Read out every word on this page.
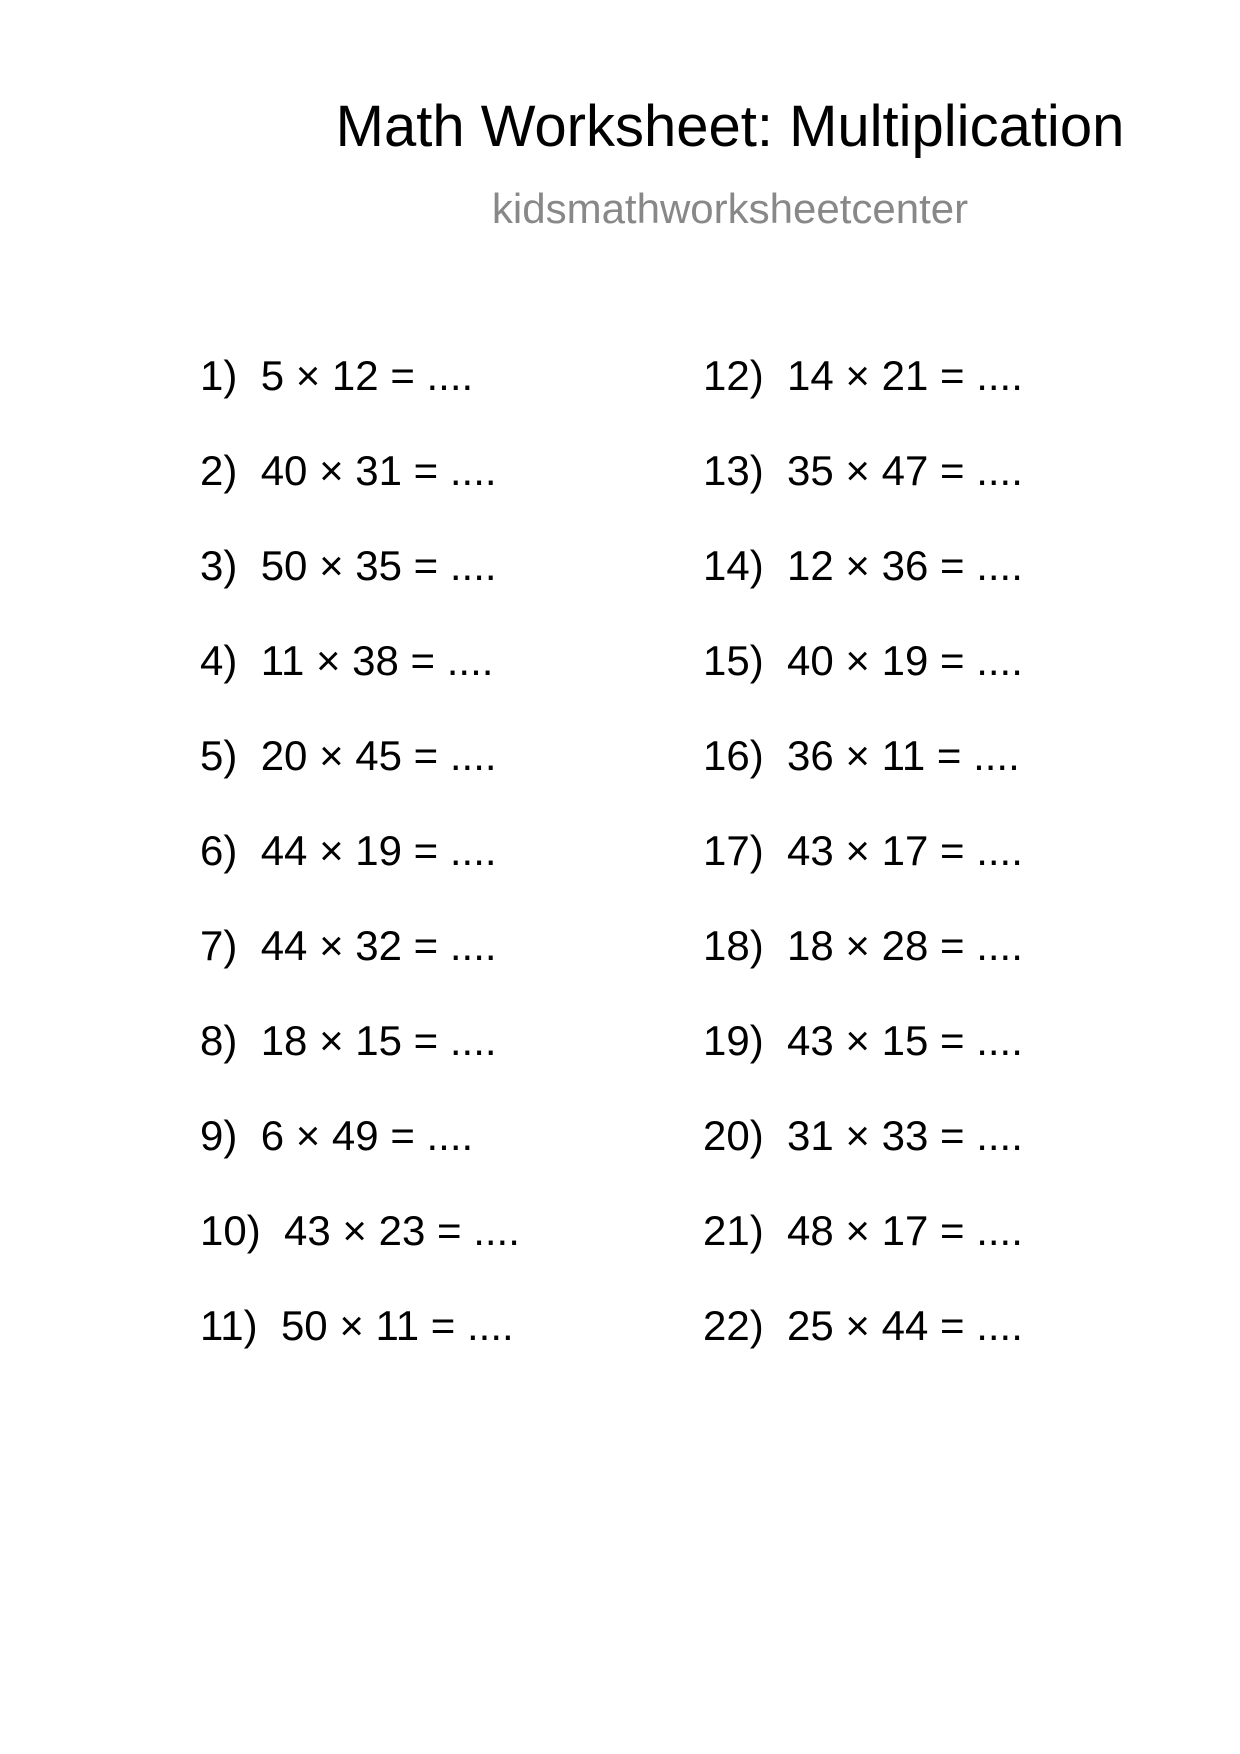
Math Worksheet: Multiplication
kidsmathworksheetcenter
1) 5 × 12 = ....
2) 40 × 31 = ....
3) 50 × 35 = ....
4) 11 × 38 = ....
5) 20 × 45 = ....
6) 44 × 19 = ....
7) 44 × 32 = ....
8) 18 × 15 = ....
9) 6 × 49 = ....
10) 43 × 23 = ....
11) 50 × 11 = ....
12) 14 × 21 = ....
13) 35 × 47 = ....
14) 12 × 36 = ....
15) 40 × 19 = ....
16) 36 × 11 = ....
17) 43 × 17 = ....
18) 18 × 28 = ....
19) 43 × 15 = ....
20) 31 × 33 = ....
21) 48 × 17 = ....
22) 25 × 44 = ....
